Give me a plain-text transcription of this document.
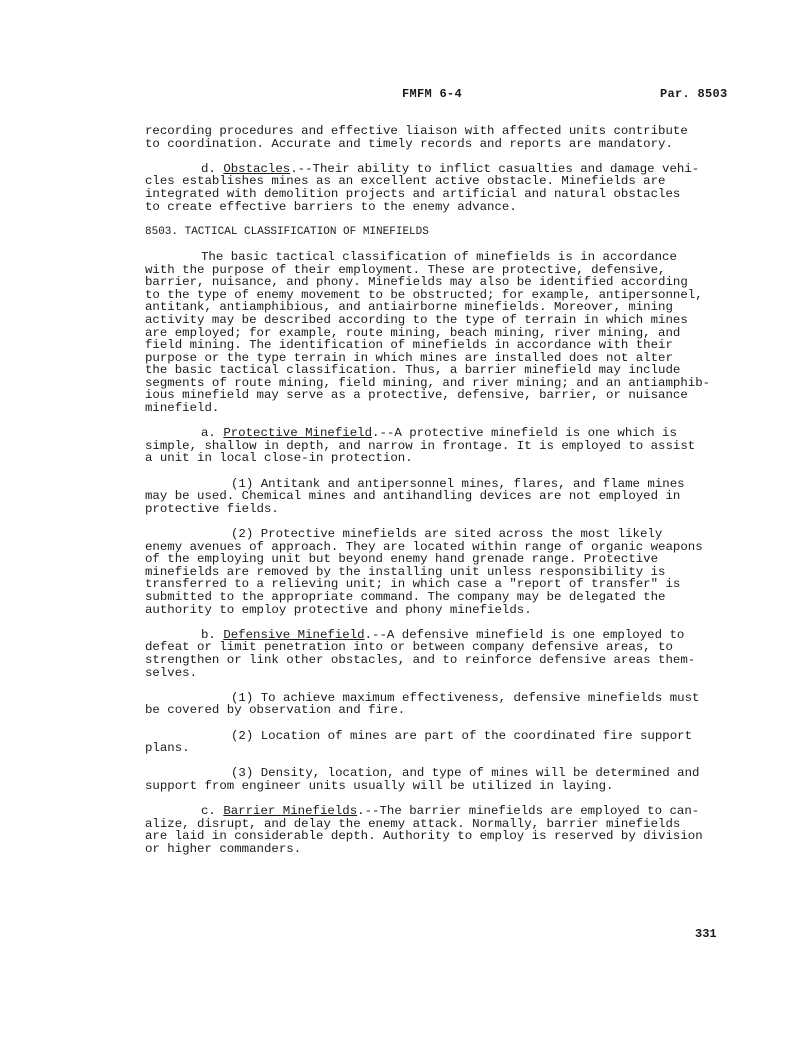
FMFM 6-4	Par. 8503

recording procedures and effective liaison with affected units contribute
to coordination. Accurate and timely records and reports are mandatory.

d. Obstacles.--Their ability to inflict casualties and damage vehi-
cles establishes mines as an excellent active obstacle. Minefields are
integrated with demolition projects and artificial and natural obstacles
to create effective barriers to the enemy advance.

8503. TACTICAL CLASSIFICATION OF MINEFIELDS

The basic tactical classification of minefields is in accordance
with the purpose of their employment. These are protective, defensive,
barrier, nuisance, and phony. Minefields may also be identified according
to the type of enemy movement to be obstructed; for example, antipersonnel,
antitank, antiamphibious, and antiairborne minefields. Moreover, mining
activity may be described according to the type of terrain in which mines
are employed; for example, route mining, beach mining, river mining, and
field mining. The identification of minefields in accordance with their
purpose or the type terrain in which mines are installed does not alter
the basic tactical classification. Thus, a barrier minefield may include
segments of route mining, field mining, and river mining; and an antiamphib-
ious minefield may serve as a protective, defensive, barrier, or nuisance
minefield.

a. Protective Minefield.--A protective minefield is one which is
simple, shallow in depth, and narrow in frontage. It is employed to assist
a unit in local close-in protection.

(1) Antitank and antipersonnel mines, flares, and flame mines
may be used. Chemical mines and antihandling devices are not employed in
protective fields.

(2) Protective minefields are sited across the most likely
enemy avenues of approach. They are located within range of organic weapons
of the employing unit but beyond enemy hand grenade range. Protective
minefields are removed by the installing unit unless responsibility is
transferred to a relieving unit; in which case a "report of transfer" is
submitted to the appropriate command. The company may be delegated the
authority to employ protective and phony minefields.

b. Defensive Minefield.--A defensive minefield is one employed to
defeat or limit penetration into or between company defensive areas, to
strengthen or link other obstacles, and to reinforce defensive areas them-
selves.

(1) To achieve maximum effectiveness, defensive minefields must
be covered by observation and fire.

(2) Location of mines are part of the coordinated fire support
plans.

(3) Density, location, and type of mines will be determined and
support from engineer units usually will be utilized in laying.

c. Barrier Minefields.--The barrier minefields are employed to can-
alize, disrupt, and delay the enemy attack. Normally, barrier minefields
are laid in considerable depth. Authority to employ is reserved by division
or higher commanders.

331
